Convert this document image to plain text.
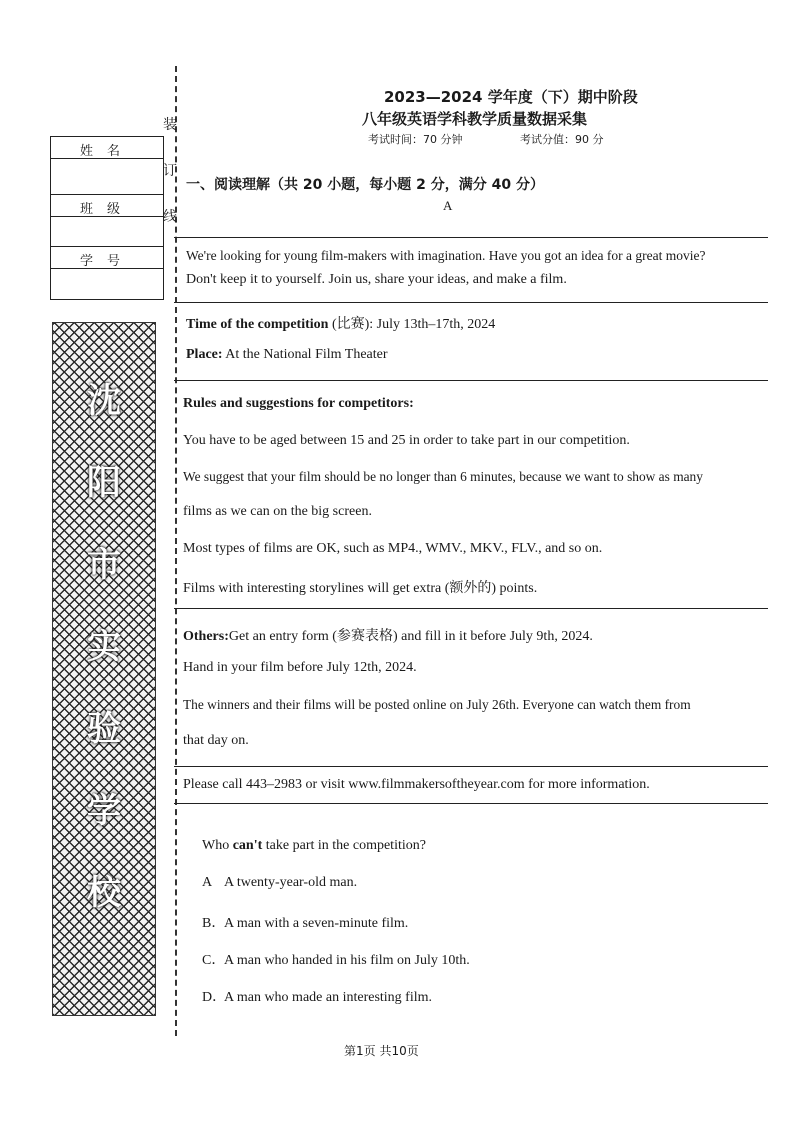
姓名
班级
学号
装
订
线
沈
阳
市
实
验
学
校
2023—2024 学年度（下）期中阶段
八年级英语学科教学质量数据采集
考试时间：70 分钟	考试分值：90 分
一、阅读理解（共 20 小题，每小题 2 分，满分 40 分）
A
We're looking for young film-makers with imagination. Have you got an idea for a great movie?
Don't keep it to yourself. Join us, share your ideas, and make a film.
Time of the competition (比赛): July 13th–17th, 2024
Place: At the National Film Theater
Rules and suggestions for competitors:
You have to be aged between 15 and 25 in order to take part in our competition.
We suggest that your film should be no longer than 6 minutes, because we want to show as many
films as we can on the big screen.
Most types of films are OK, such as MP4., WMV., MKV., FLV., and so on.
Films with interesting storylines will get extra (额外的) points.
Others:Get an entry form (参赛表格) and fill in it before July 9th, 2024.
Hand in your film before July 12th, 2024.
The winners and their films will be posted online on July 26th. Everyone can watch them from
that day on.
Please call 443–2983 or visit www.filmmakersoftheyear.com for more information.
Who can't take part in the competition?
A A twenty-year-old man.
B．A man with a seven-minute film.
C．A man who handed in his film on July 10th.
D．A man who made an interesting film.
第1页 共10页
